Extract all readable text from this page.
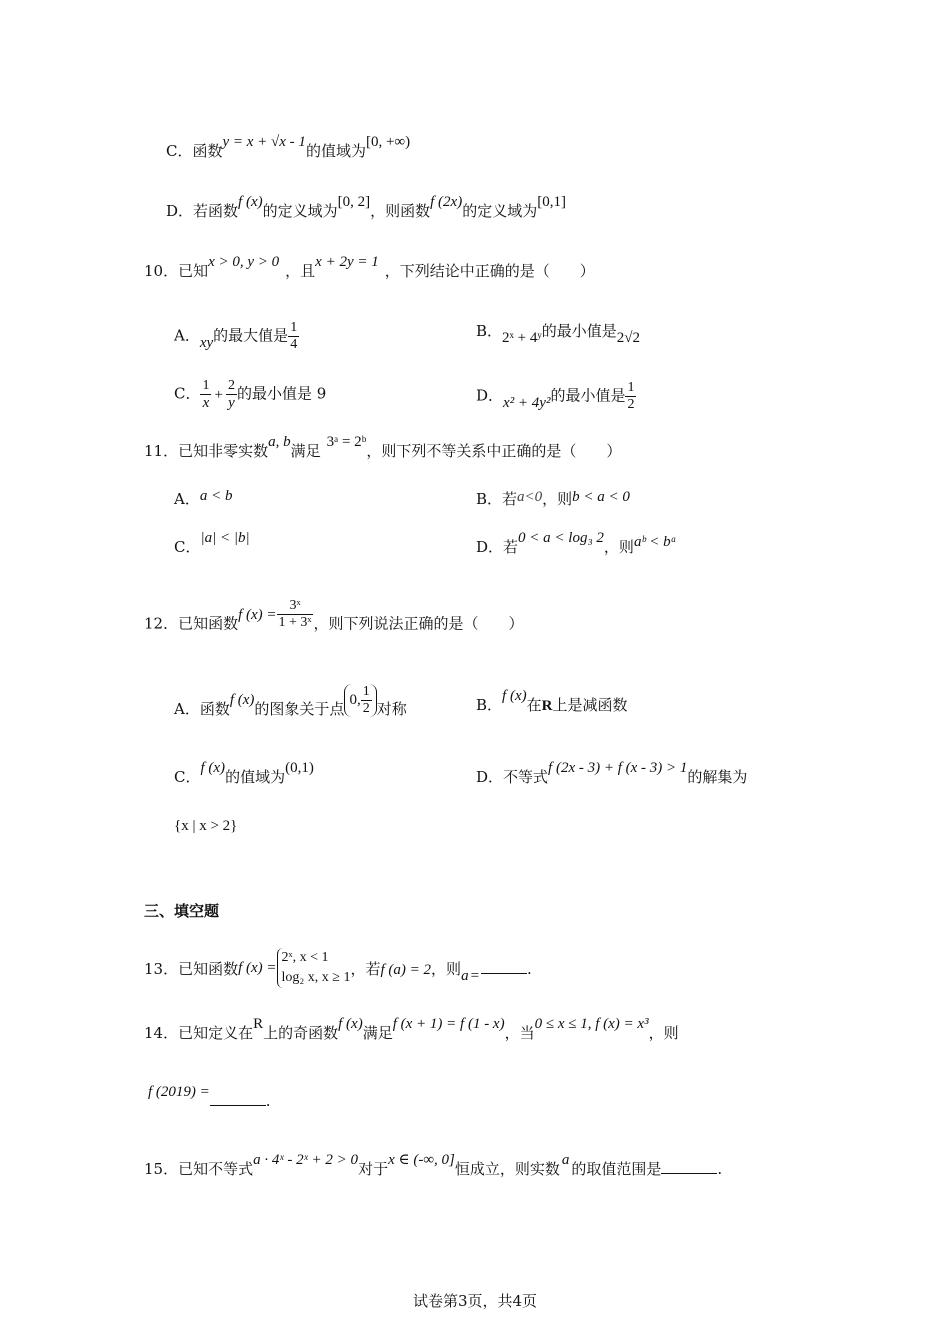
C．函数y = x + √x - 1的值域为[0, +∞)
D．若函数f (x)的定义域为[0, 2]，则函数f (2x)的定义域为[0,1]
10．已知x > 0, y > 0 ，且x + 2y = 1 ，下列结论中正确的是（　　）
A．xy的最大值是 $\frac{1}{4}$	B．2ˣ + 4ʸ的最小值是2√2
C． $\frac{1}{x} + \frac{2}{y}$ 的最小值是 9	D．x² + 4y²的最小值是 $\frac{1}{2}$
11．已知非零实数a, b满足 3ᵃ = 2ᵇ，则下列不等关系中正确的是（　　）
A．a < b	B．若a<0，则b < a < 0
C．|a| < |b|	D．若0 < a < log₃ 2，则aᵇ < bᵃ
12．已知函数f $(x) = \frac{\text{3ˣ}}{\text{1 + 3ˣ}}$ ，则下列说法正确的是（　　）
A．函数f (x)的图象关于点 0, $\frac{1}{2}$ 对称	B．f (x)在R上是减函数
C．f (x)的值域为(0,1)	D．不等式f (2x - 3) + f (x - 3) > 1的解集为
{x | x > 2}
三、填空题
13．已知函数f (x) =
2ˣ, x < 1
log₂ x, x ≥ 1 ，若f (a) = 2，则a =	.
14．已知定义在R上的奇函数f (x)满足f (x + 1) = f (1 - x)，当0 ≤ x ≤ 1, f (x) = x³，则
f (2019) =	.
15．已知不等式a · 4ˣ - 2ˣ + 2 > 0对于x ∈ (-∞, 0]恒成立，则实数 a 的取值范围是	.
试卷第3页，共4页
